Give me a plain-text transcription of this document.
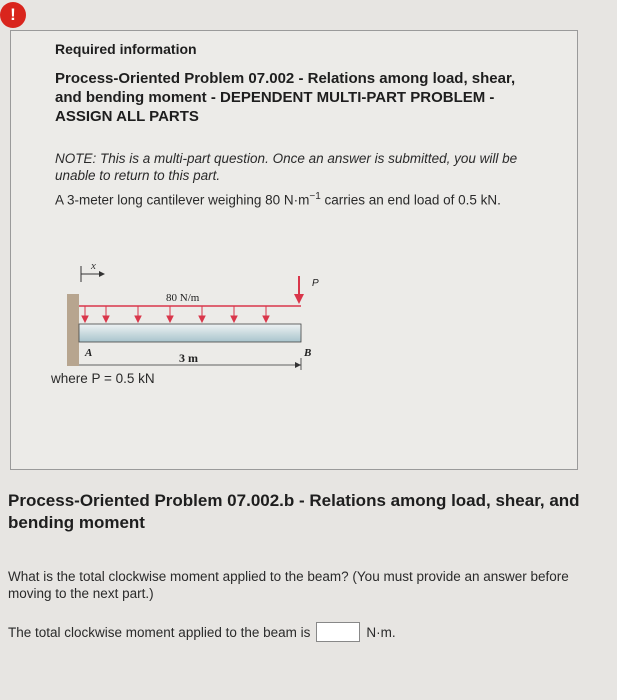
!
Required information
Process-Oriented Problem 07.002 - Relations among load, shear, and bending moment - DEPENDENT MULTI-PART PROBLEM - ASSIGN ALL PARTS
NOTE: This is a multi-part question. Once an answer is submitted, you will be unable to return to this part.
A 3-meter long cantilever weighing 80 $N\cdot m^{-1}$ carries an end load of 0.5 kN.
x
80 N/m
P
A	B
3 m
where P = 0.5 kN
Process-Oriented Problem 07.002.b - Relations among load, shear, and bending moment
What is the total clockwise moment applied to the beam? (You must provide an answer before moving to the next part.)
The total clockwise moment applied to the beam is	N·m.
